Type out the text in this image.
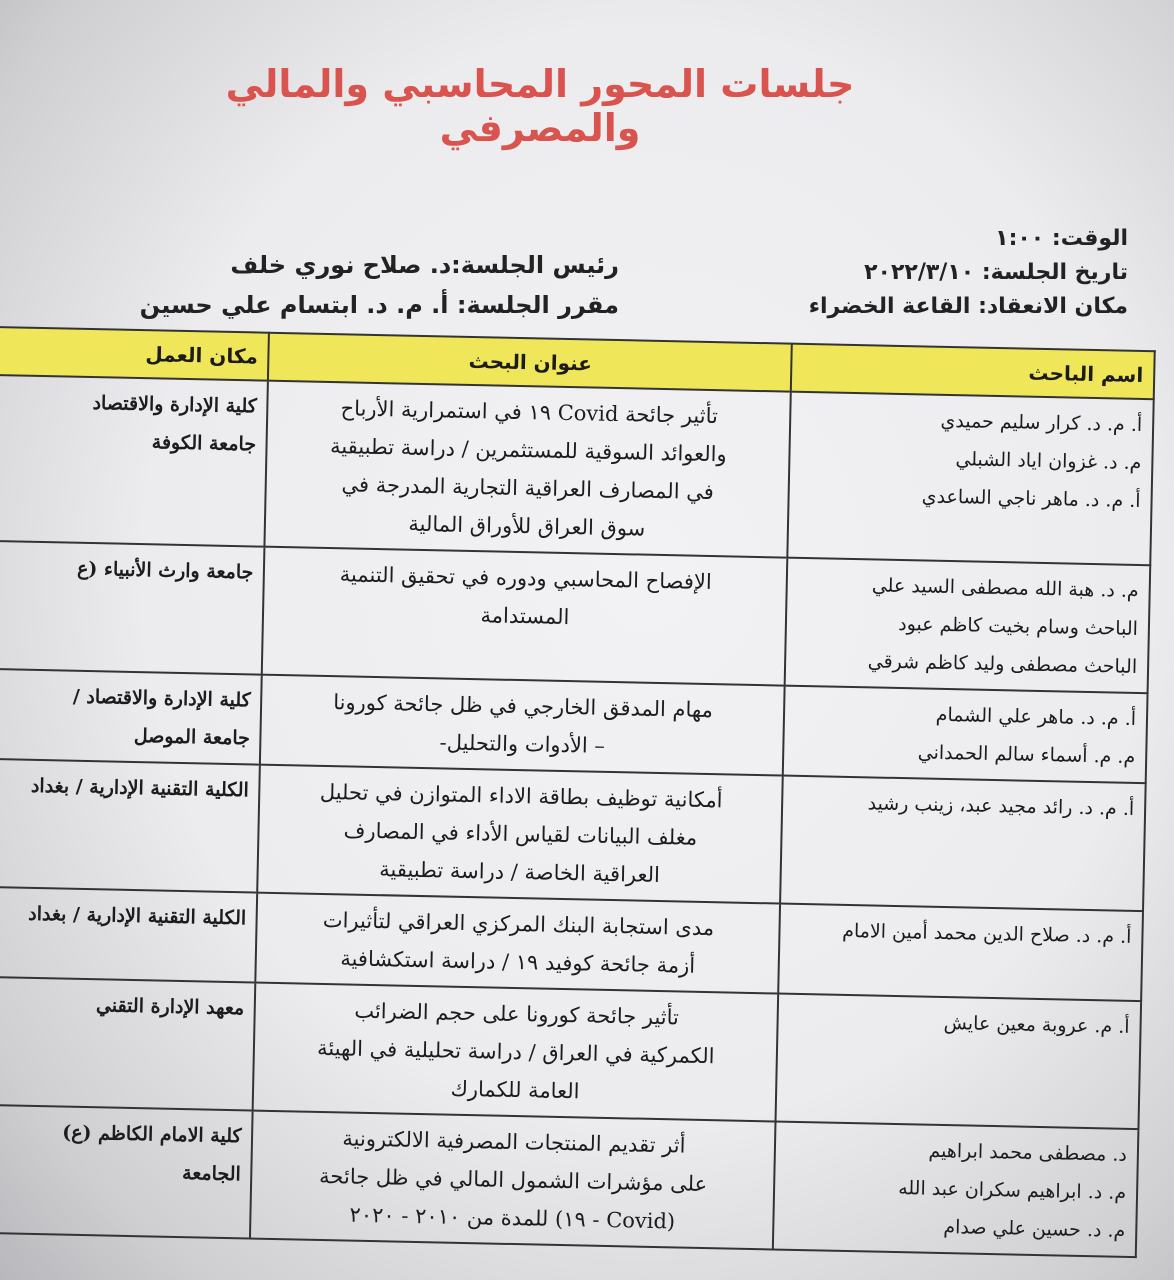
جلسات المحور المحاسبي والمالي والمصرفي
الوقت: ١:٠٠
تاريخ الجلسة: ٢٠٢٢/٣/١٠
مكان الانعقاد: القاعة الخضراء
رئيس الجلسة:د. صلاح نوري خلف
مقرر الجلسة: أ. م. د. ابتسام علي حسين
اسم الباحث	عنوان البحث	مكان العمل

أ. م. د. كرار سليم حميدي
م. د. غزوان اياد الشبلي
أ. م. د. ماهر ناجي الساعدي	تأثير جائحة Covid ١٩ في استمرارية الأرباح
والعوائد السوقية للمستثمرين / دراسة تطبيقية
في المصارف العراقية التجارية المدرجة في
سوق العراق للأوراق المالية	كلية الإدارة والاقتصاد
جامعة الكوفة

م. د. هبة الله مصطفى السيد علي
الباحث وسام بخيت كاظم عبود
الباحث مصطفى وليد كاظم شرقي	الإفصاح المحاسبي ودوره في تحقيق التنمية
المستدامة	جامعة وارث الأنبياء (ع

أ. م. د. ماهر علي الشمام
م. م. أسماء سالم الحمداني	مهام المدقق الخارجي في ظل جائحة كورونا
– الأدوات والتحليل-	كلية الإدارة والاقتصاد /
جامعة الموصل

أ. م. د. رائد مجيد عبد، زينب رشيد	أمكانية توظيف بطاقة الاداء المتوازن في تحليل
مغلف البيانات لقياس الأداء في المصارف
العراقية الخاصة / دراسة تطبيقية	الكلية التقنية الإدارية / بغداد

أ. م. د. صلاح الدين محمد أمين الامام	مدى استجابة البنك المركزي العراقي لتأثيرات
أزمة جائحة كوفيد ١٩ / دراسة استكشافية	الكلية التقنية الإدارية / بغداد

أ. م. عروبة معين عايش	تأثير جائحة كورونا على حجم الضرائب
الكمركية في العراق / دراسة تحليلية في الهيئة
العامة للكمارك	معهد الإدارة التقني

د. مصطفى محمد ابراهيم
م. د. ابراهيم سكران عبد الله
م. د. حسين علي صدام	أثر تقديم المنتجات المصرفية الالكترونية
على مؤشرات الشمول المالي في ظل جائحة
(Covid - ١٩) للمدة من ٢٠١٠ - ٢٠٢٠	كلية الامام الكاظم (ع)
الجامعة
